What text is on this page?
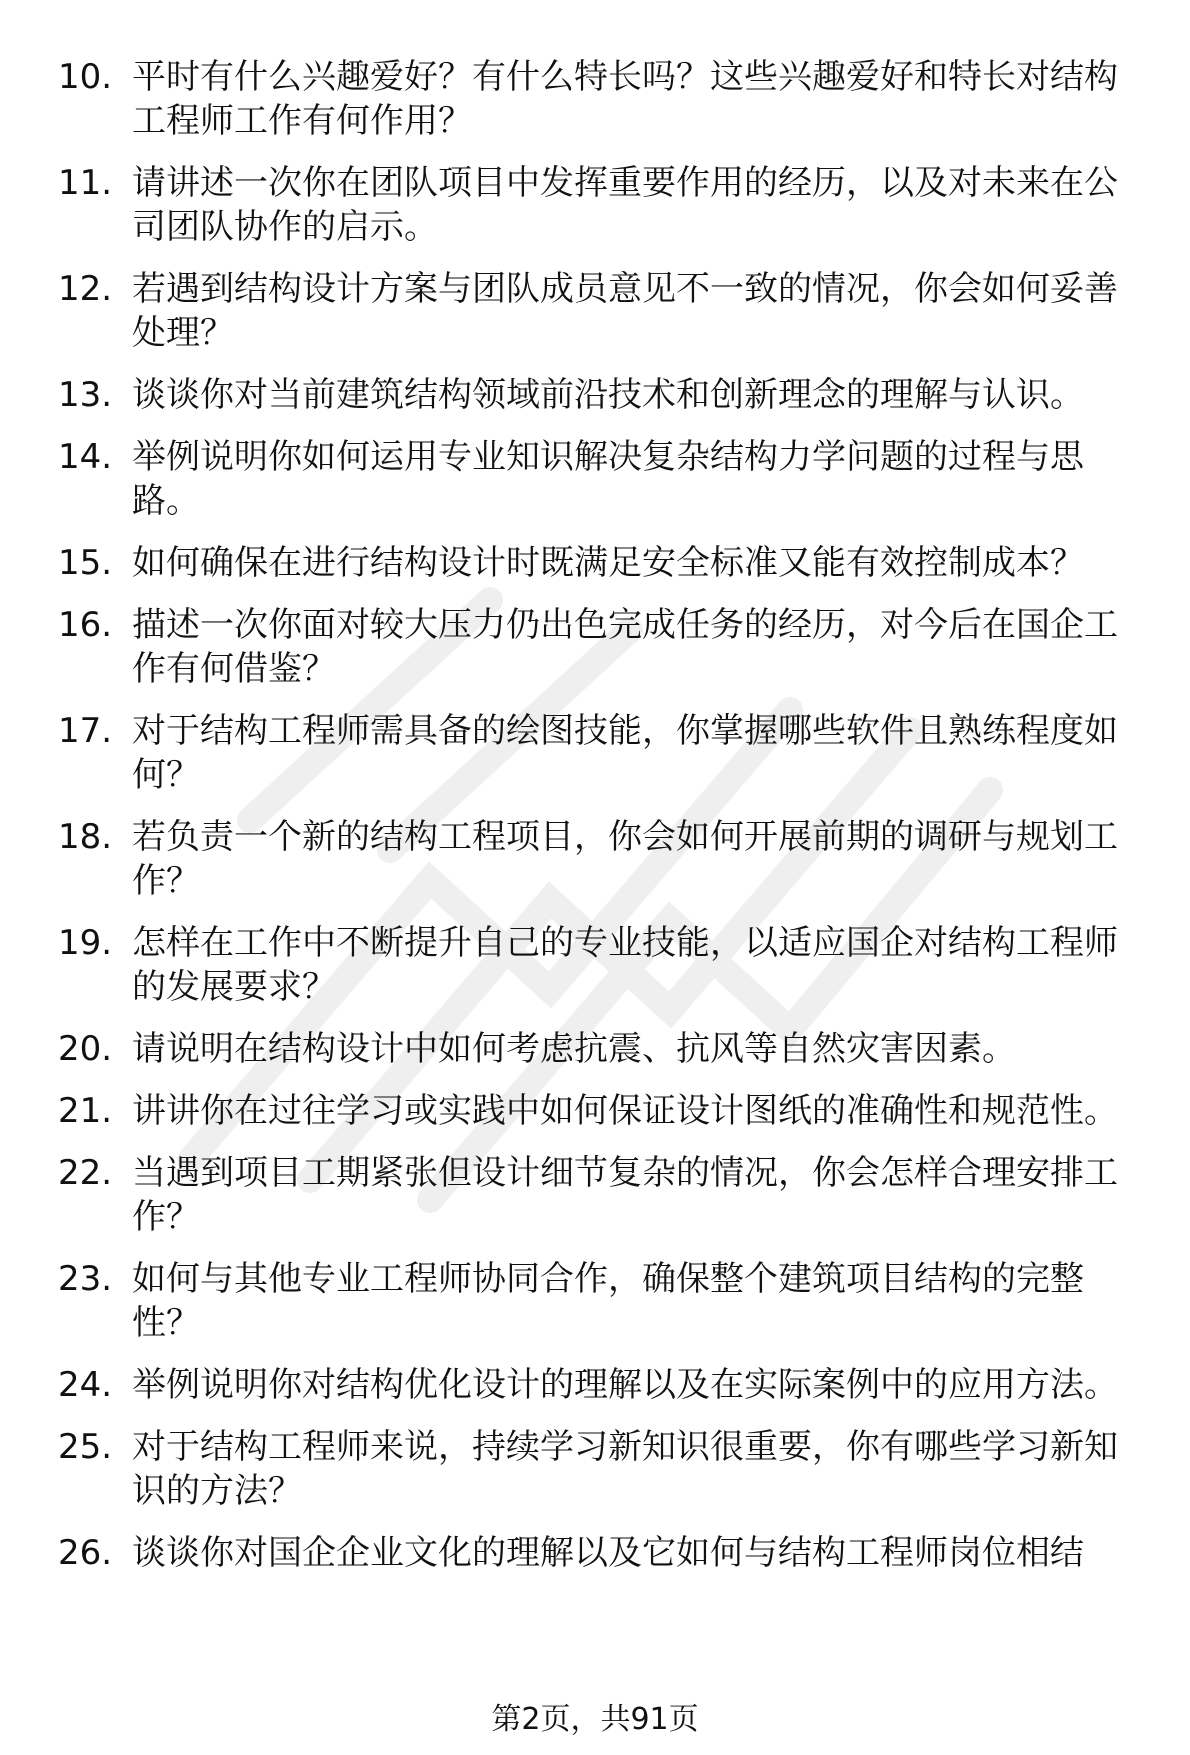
10. 平时有什么兴趣爱好？有什么特长吗？这些兴趣爱好和特长对结构工程师工作有何作用？
11. 请讲述一次你在团队项目中发挥重要作用的经历，以及对未来在公司团队协作的启示。
12. 若遇到结构设计方案与团队成员意见不一致的情况，你会如何妥善处理？
13. 谈谈你对当前建筑结构领域前沿技术和创新理念的理解与认识。
14. 举例说明你如何运用专业知识解决复杂结构力学问题的过程与思路。
15. 如何确保在进行结构设计时既满足安全标准又能有效控制成本？
16. 描述一次你面对较大压力仍出色完成任务的经历，对今后在国企工作有何借鉴？
17. 对于结构工程师需具备的绘图技能，你掌握哪些软件且熟练程度如何？
18. 若负责一个新的结构工程项目，你会如何开展前期的调研与规划工作？
19. 怎样在工作中不断提升自己的专业技能，以适应国企对结构工程师的发展要求？
20. 请说明在结构设计中如何考虑抗震、抗风等自然灾害因素。
21. 讲讲你在过往学习或实践中如何保证设计图纸的准确性和规范性。
22. 当遇到项目工期紧张但设计细节复杂的情况，你会怎样合理安排工作？
23. 如何与其他专业工程师协同合作，确保整个建筑项目结构的完整性？
24. 举例说明你对结构优化设计的理解以及在实际案例中的应用方法。
25. 对于结构工程师来说，持续学习新知识很重要，你有哪些学习新知识的方法？
26. 谈谈你对国企企业文化的理解以及它如何与结构工程师岗位相结
第2页，共91页
